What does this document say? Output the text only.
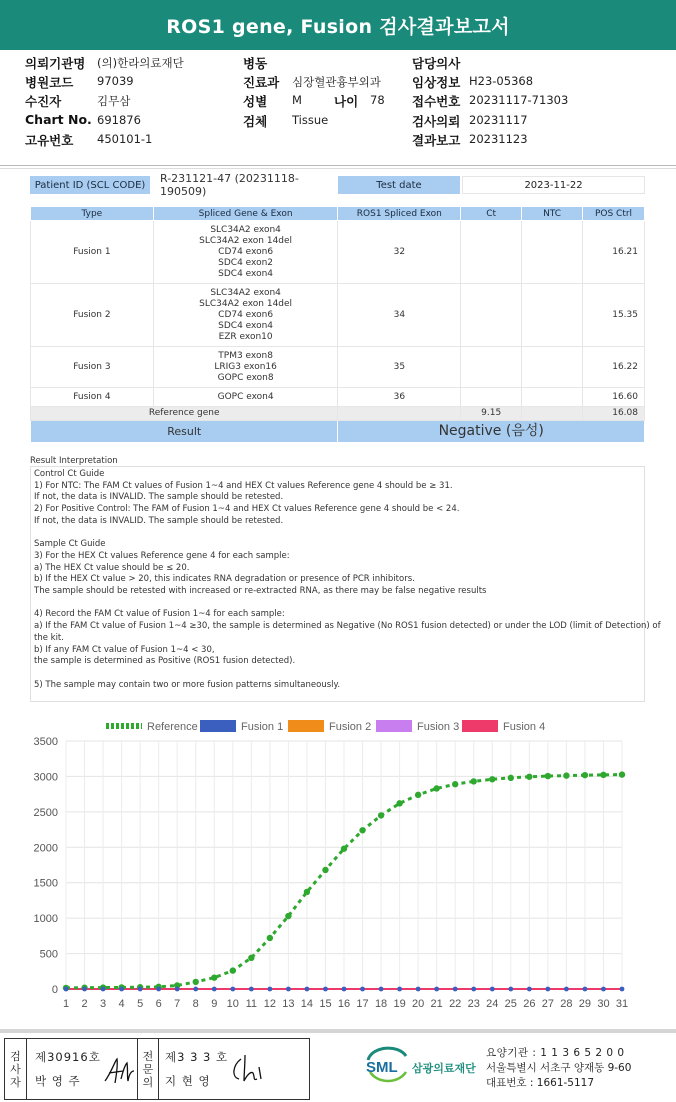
ROS1 gene, Fusion 검사결과보고서
의뢰기관명 (의)한라의료재단
병원코드 97039
수진자	김무삼
Chart No. 691876
고유번호 450101-1
병동
진료과 심장혈관흉부외과
성별 M
검체 Tissue
담당의사
임상정보 H23-05368
접수번호 20231117-71303
검사의뢰 20231117
결과보고 20231123
나이 78
Patient ID (SCL CODE)	R-231121-47 (20231118-190509)	Test date	2023-11-22
Type	Spliced Gene & Exon	ROS1 Spliced Exon	Ct	NTC	POS Ctrl
Fusion 1	SLC34A2 exon4
SLC34A2 exon 14del
CD74 exon6
SDC4 exon2
SDC4 exon4	32			16.21
Fusion 2	SLC34A2 exon4
SLC34A2 exon 14del
CD74 exon6
SDC4 exon4
EZR exon10	34			15.35
Fusion 3	TPM3 exon8
LRIG3 exon16
GOPC exon8	35			16.22
Fusion 4	GOPC exon4	36			16.60
Reference gene			9.15		16.08
Result		Negative (음성)			
Result Interpretation
Control Ct Guide
1) For NTC: The FAM Ct values of Fusion 1~4 and HEX Ct values Reference gene 4 should be ≥ 31.
If not, the data is INVALID. The sample should be retested.
2) For Positive Control: The FAM of Fusion 1~4 and HEX Ct values Reference gene 4 should be < 24.
If not, the data is INVALID. The sample should be retested.
Sample Ct Guide
3) For the HEX Ct values Reference gene 4 for each sample:
a) The HEX Ct value should be ≤ 20.
b) If the HEX Ct value > 20, this indicates RNA degradation or presence of PCR inhibitors.
The sample should be retested with increased or re-extracted RNA, as there may be false negative results
4) Record the FAM Ct value of Fusion 1~4 for each sample:
a) If the FAM Ct value of Fusion 1~4 ≥30, the sample is determined as Negative (No ROS1 fusion detected) or under the LOD (limit of Detection) of
the kit.
b) If any FAM Ct value of Fusion 1~4 < 30,
the sample is determined as Positive (ROS1 fusion detected).
5) The sample may contain two or more fusion patterns simultaneously.
0
500
1000
1500
2000
2500
3000
3500
1 2 3 4 5 6 7 8 9 10 11 12 13 14 15 16 17 18 19 20 21 22 23 24 25 26 27 28 29 30 31
Reference	Fusion 1	Fusion 2	Fusion 3	Fusion 4
검
사
자
제30916호
박 영 주
전
문
의
제3 3 3 호
지 현 영
SML 삼광의료재단
요양기관 : 1 1 3 6 5 2 0 0
서울특별시 서초구 양재동 9-60
대표번호 : 1661-5117
